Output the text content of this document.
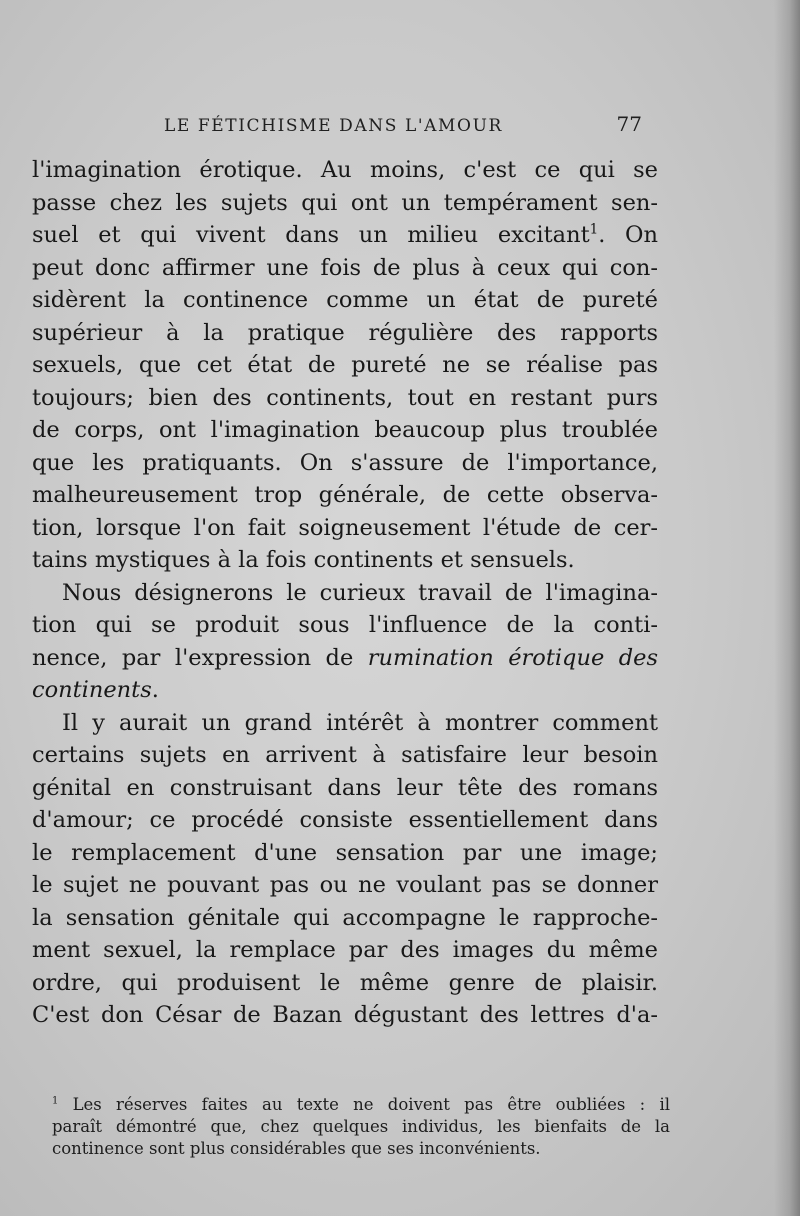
LE FÉTICHISME DANS L'AMOUR	77
l'imagination érotique. Au moins, c'est ce qui se
passe chez les sujets qui ont un tempérament sen-
suel et qui vivent dans un milieu excitant$^1$. On
peut donc affirmer une fois de plus à ceux qui con-
sidèrent la continence comme un état de pureté
supérieur à la pratique régulière des rapports
sexuels, que cet état de pureté ne se réalise pas
toujours; bien des continents, tout en restant purs
de corps, ont l'imagination beaucoup plus troublée
que les pratiquants. On s'assure de l'importance,
malheureusement trop générale, de cette observa-
tion, lorsque l'on fait soigneusement l'étude de cer-
tains mystiques à la fois continents et sensuels.
Nous désignerons le curieux travail de l'imagina-
tion qui se produit sous l'influence de la conti-
nence, par l'expression de rumination érotique des
continents.
Il y aurait un grand intérêt à montrer comment
certains sujets en arrivent à satisfaire leur besoin
génital en construisant dans leur tête des romans
d'amour; ce procédé consiste essentiellement dans
le remplacement d'une sensation par une image;
le sujet ne pouvant pas ou ne voulant pas se donner
la sensation génitale qui accompagne le rapproche-
ment sexuel, la remplace par des images du même
ordre, qui produisent le même genre de plaisir.
C'est don César de Bazan dégustant des lettres d'a-
$^1$ Les réserves faites au texte ne doivent pas être oubliées : il
paraît démontré que, chez quelques individus, les bienfaits de la
continence sont plus considérables que ses inconvénients.
